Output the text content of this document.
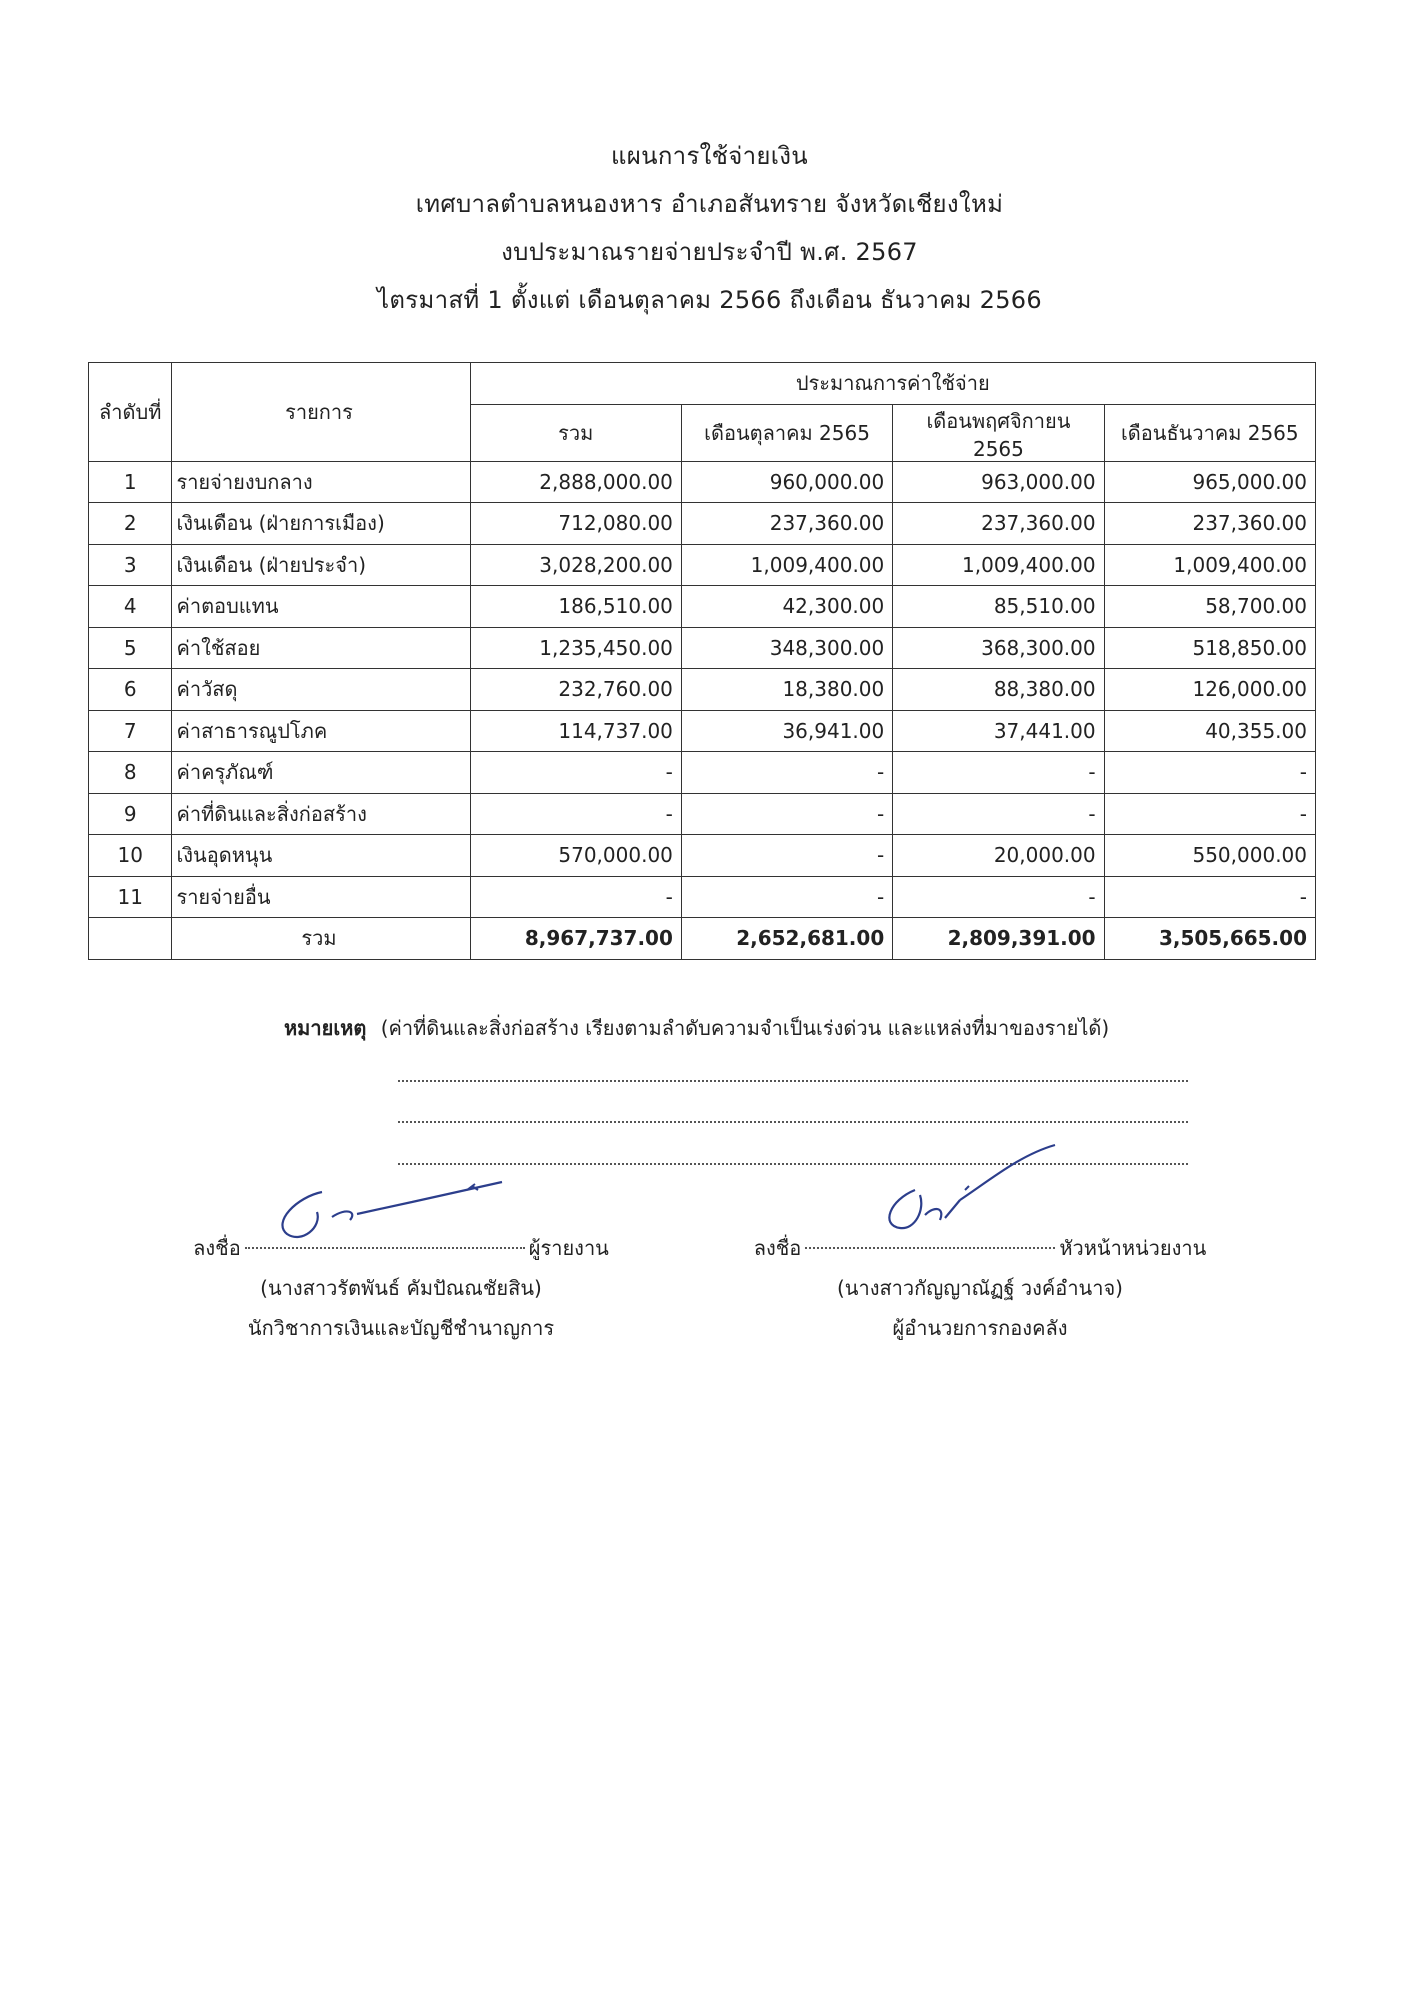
แผนการใช้จ่ายเงิน
เทศบาลตำบลหนองหาร อำเภอสันทราย จังหวัดเชียงใหม่
งบประมาณรายจ่ายประจำปี พ.ศ. 2567
ไตรมาสที่ 1 ตั้งแต่ เดือนตุลาคม 2566 ถึงเดือน ธันวาคม 2566
ลำดับที่	รายการ	ประมาณการค่าใช้จ่าย			
		รวม	เดือนตุลาคม 2565	เดือนพฤศจิกายน 2565	เดือนธันวาคม 2565
1	รายจ่ายงบกลาง	2,888,000.00	960,000.00	963,000.00	965,000.00
2	เงินเดือน (ฝ่ายการเมือง)	712,080.00	237,360.00	237,360.00	237,360.00
3	เงินเดือน (ฝ่ายประจำ)	3,028,200.00	1,009,400.00	1,009,400.00	1,009,400.00
4	ค่าตอบแทน	186,510.00	42,300.00	85,510.00	58,700.00
5	ค่าใช้สอย	1,235,450.00	348,300.00	368,300.00	518,850.00
6	ค่าวัสดุ	232,760.00	18,380.00	88,380.00	126,000.00
7	ค่าสาธารณูปโภค	114,737.00	36,941.00	37,441.00	40,355.00
8	ค่าครุภัณฑ์	-	-	-	-
9	ค่าที่ดินและสิ่งก่อสร้าง	-	-	-	-
10	เงินอุดหนุน	570,000.00	-	20,000.00	550,000.00
11	รายจ่ายอื่น	-	-	-	-
	รวม	8,967,737.00	2,652,681.00	2,809,391.00	3,505,665.00
หมายเหตุ (ค่าที่ดินและสิ่งก่อสร้าง เรียงตามลำดับความจำเป็นเร่งด่วน และแหล่งที่มาของรายได้)
ลงชื่อ	ผู้รายงาน
(นางสาวรัตพันธ์ คัมปัณณชัยสิน)
นักวิชาการเงินและบัญชีชำนาญการ
ลงชื่อ	หัวหน้าหน่วยงาน
(นางสาวกัญญาณัฏฐ์ วงค์อำนาจ)
ผู้อำนวยการกองคลัง
